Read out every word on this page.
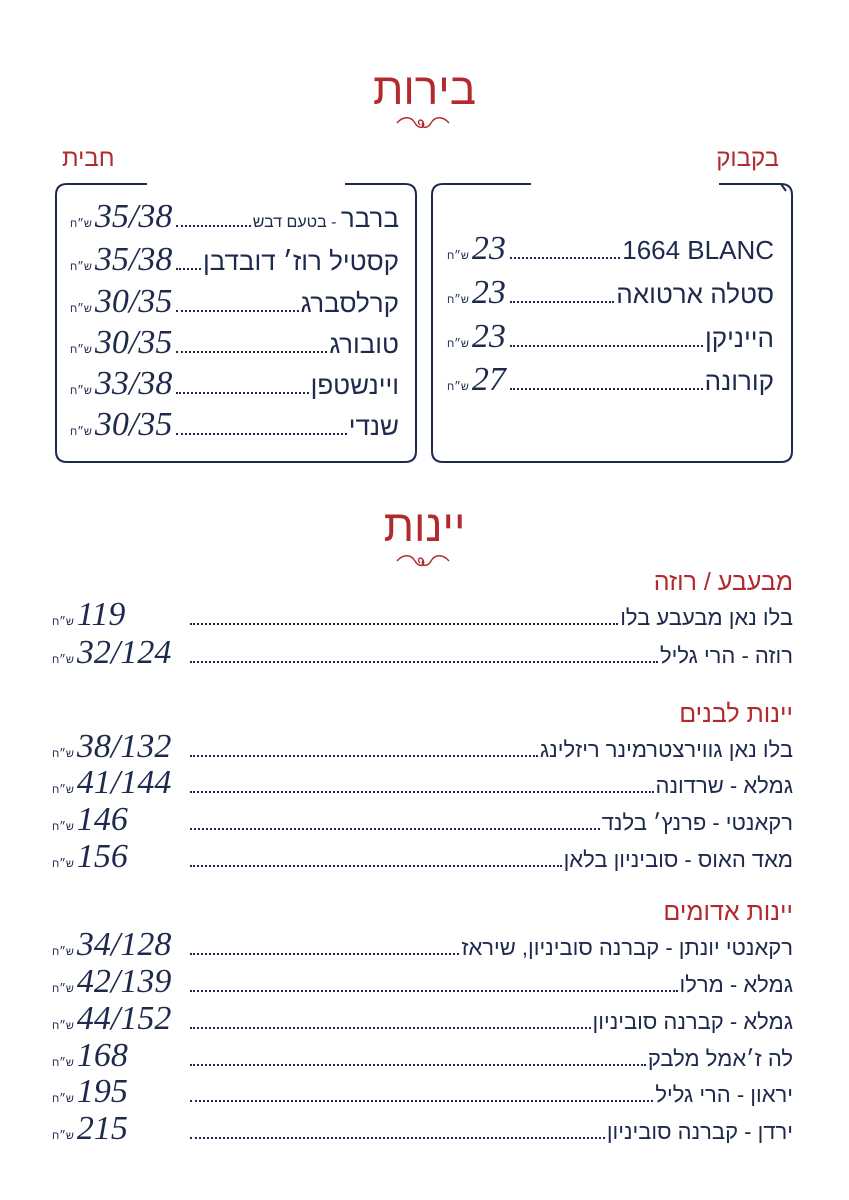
בירות
בקבוק
חבית
1664 BLANC
23
ש״ח
סטלה ארטואה
23
ש״ח
הייניקן
23
ש״ח
קורונה
27
ש״ח
ברבר - בטעם דבש
35/38
ש״ח
קסטיל רוז׳ דובדבן
35/38
ש״ח
קרלסברג
30/35
ש״ח
טובורג
30/35
ש״ח
ויינשטפן
33/38
ש״ח
שנדי
30/35
ש״ח
יינות
מבעבע / רוזה
בלו נאן מבעבע בלו
119
ש״ח
רוזה - הרי גליל
32/124
ש״ח
יינות לבנים
בלו נאן גווירצטרמינר ריזלינג
38/132
ש״ח
גמלא - שרדונה
41/144
ש״ח
רקאנטי - פרנץ׳ בלנד
146
ש״ח
מאד האוס - סוביניון בלאן
156
ש״ח
יינות אדומים
רקאנטי יונתן - קברנה סוביניון, שיראז
34/128
ש״ח
גמלא - מרלו
42/139
ש״ח
גמלא - קברנה סוביניון
44/152
ש״ח
לה ז׳אמל מלבק
168
ש״ח
יראון - הרי גליל
195
ש״ח
ירדן - קברנה סוביניון
215
ש״ח
